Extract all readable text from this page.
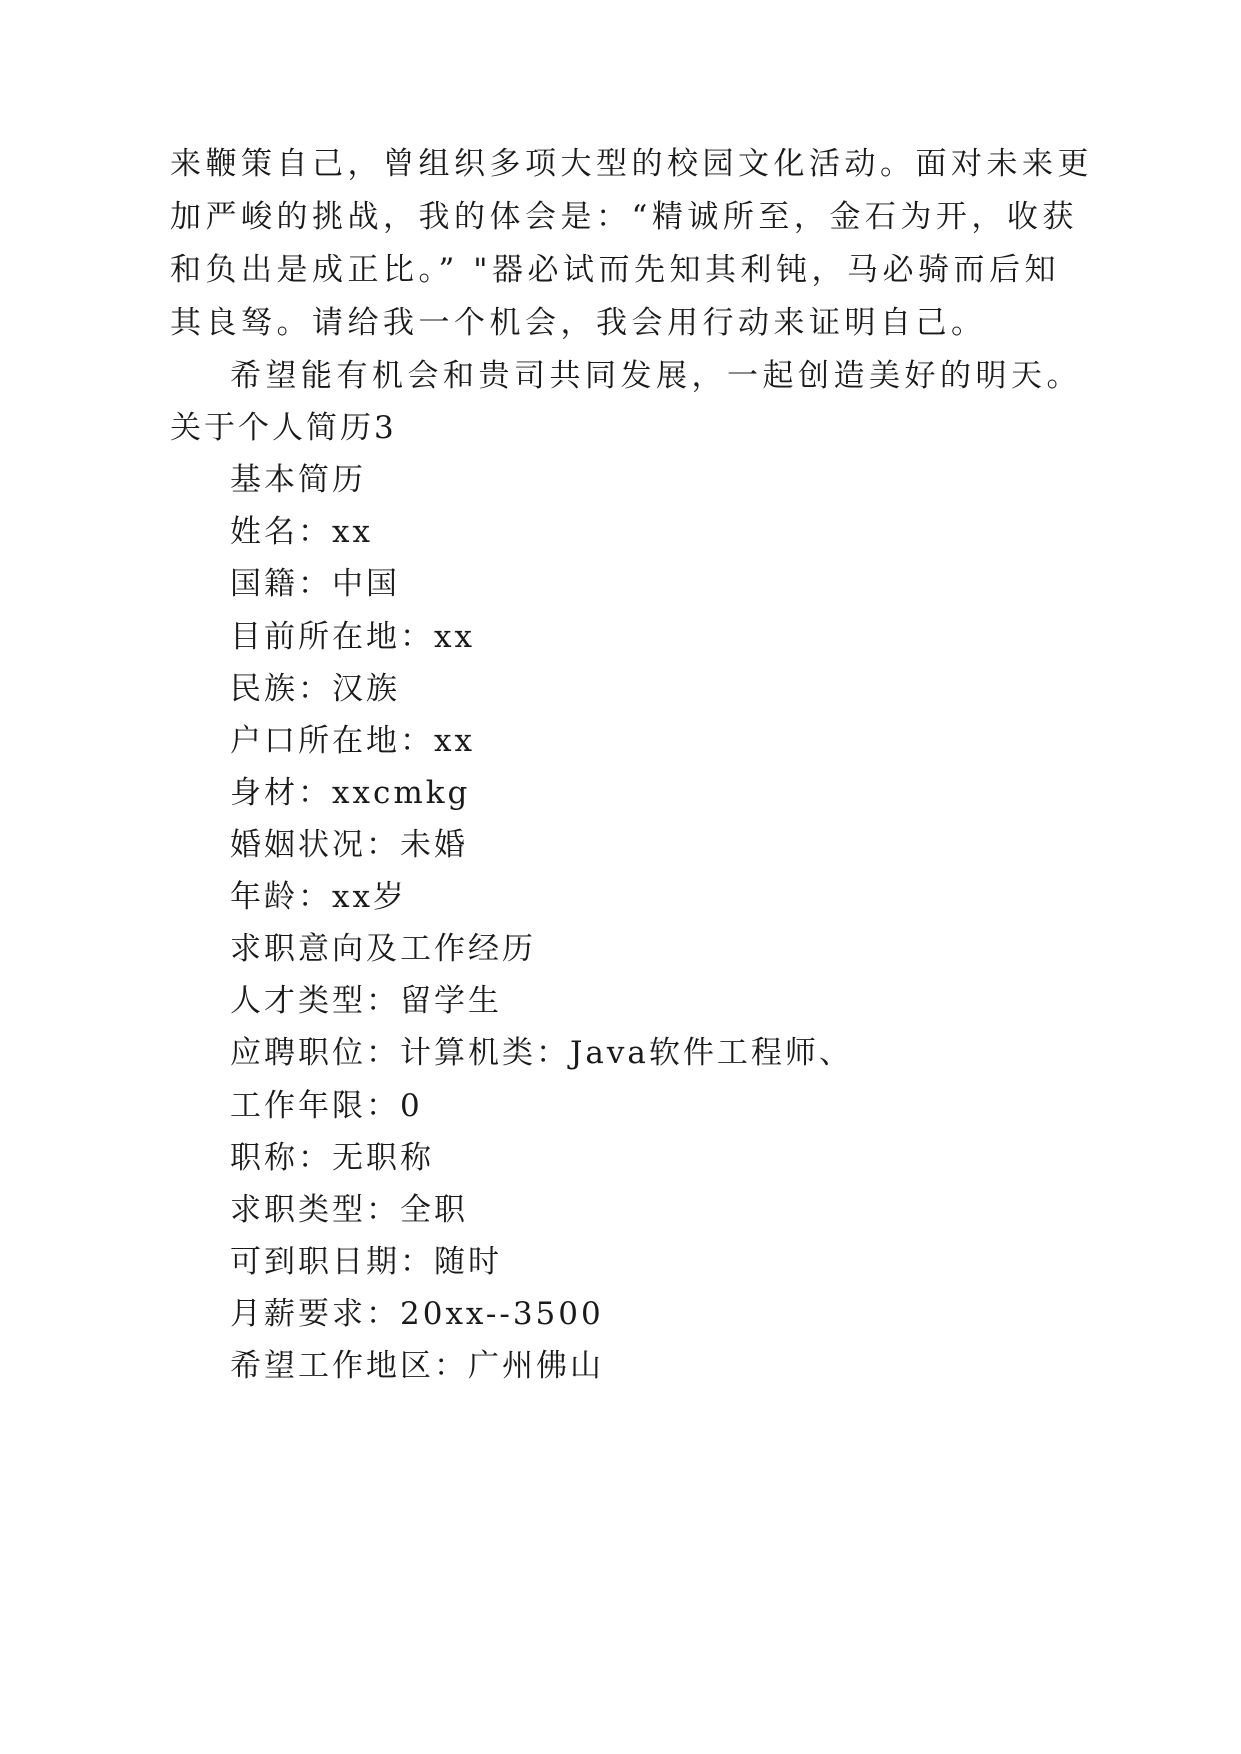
来鞭策自己，曾组织多项大型的校园文化活动。面对未来更
加严峻的挑战，我的体会是：“精诚所至，金石为开，收获
和负出是成正比。” "器必试而先知其利钝，马必骑而后知
其良驽。请给我一个机会，我会用行动来证明自己。
希望能有机会和贵司共同发展，一起创造美好的明天。
关于个人简历3
基本简历
姓名：xx
国籍：中国
目前所在地：xx
民族：汉族
户口所在地：xx
身材：xxcmkg
婚姻状况：未婚
年龄：xx岁
求职意向及工作经历
人才类型：留学生
应聘职位：计算机类：Java软件工程师、
工作年限：0
职称：无职称
求职类型：全职
可到职日期：随时
月薪要求：20xx--3500
希望工作地区：广州佛山
